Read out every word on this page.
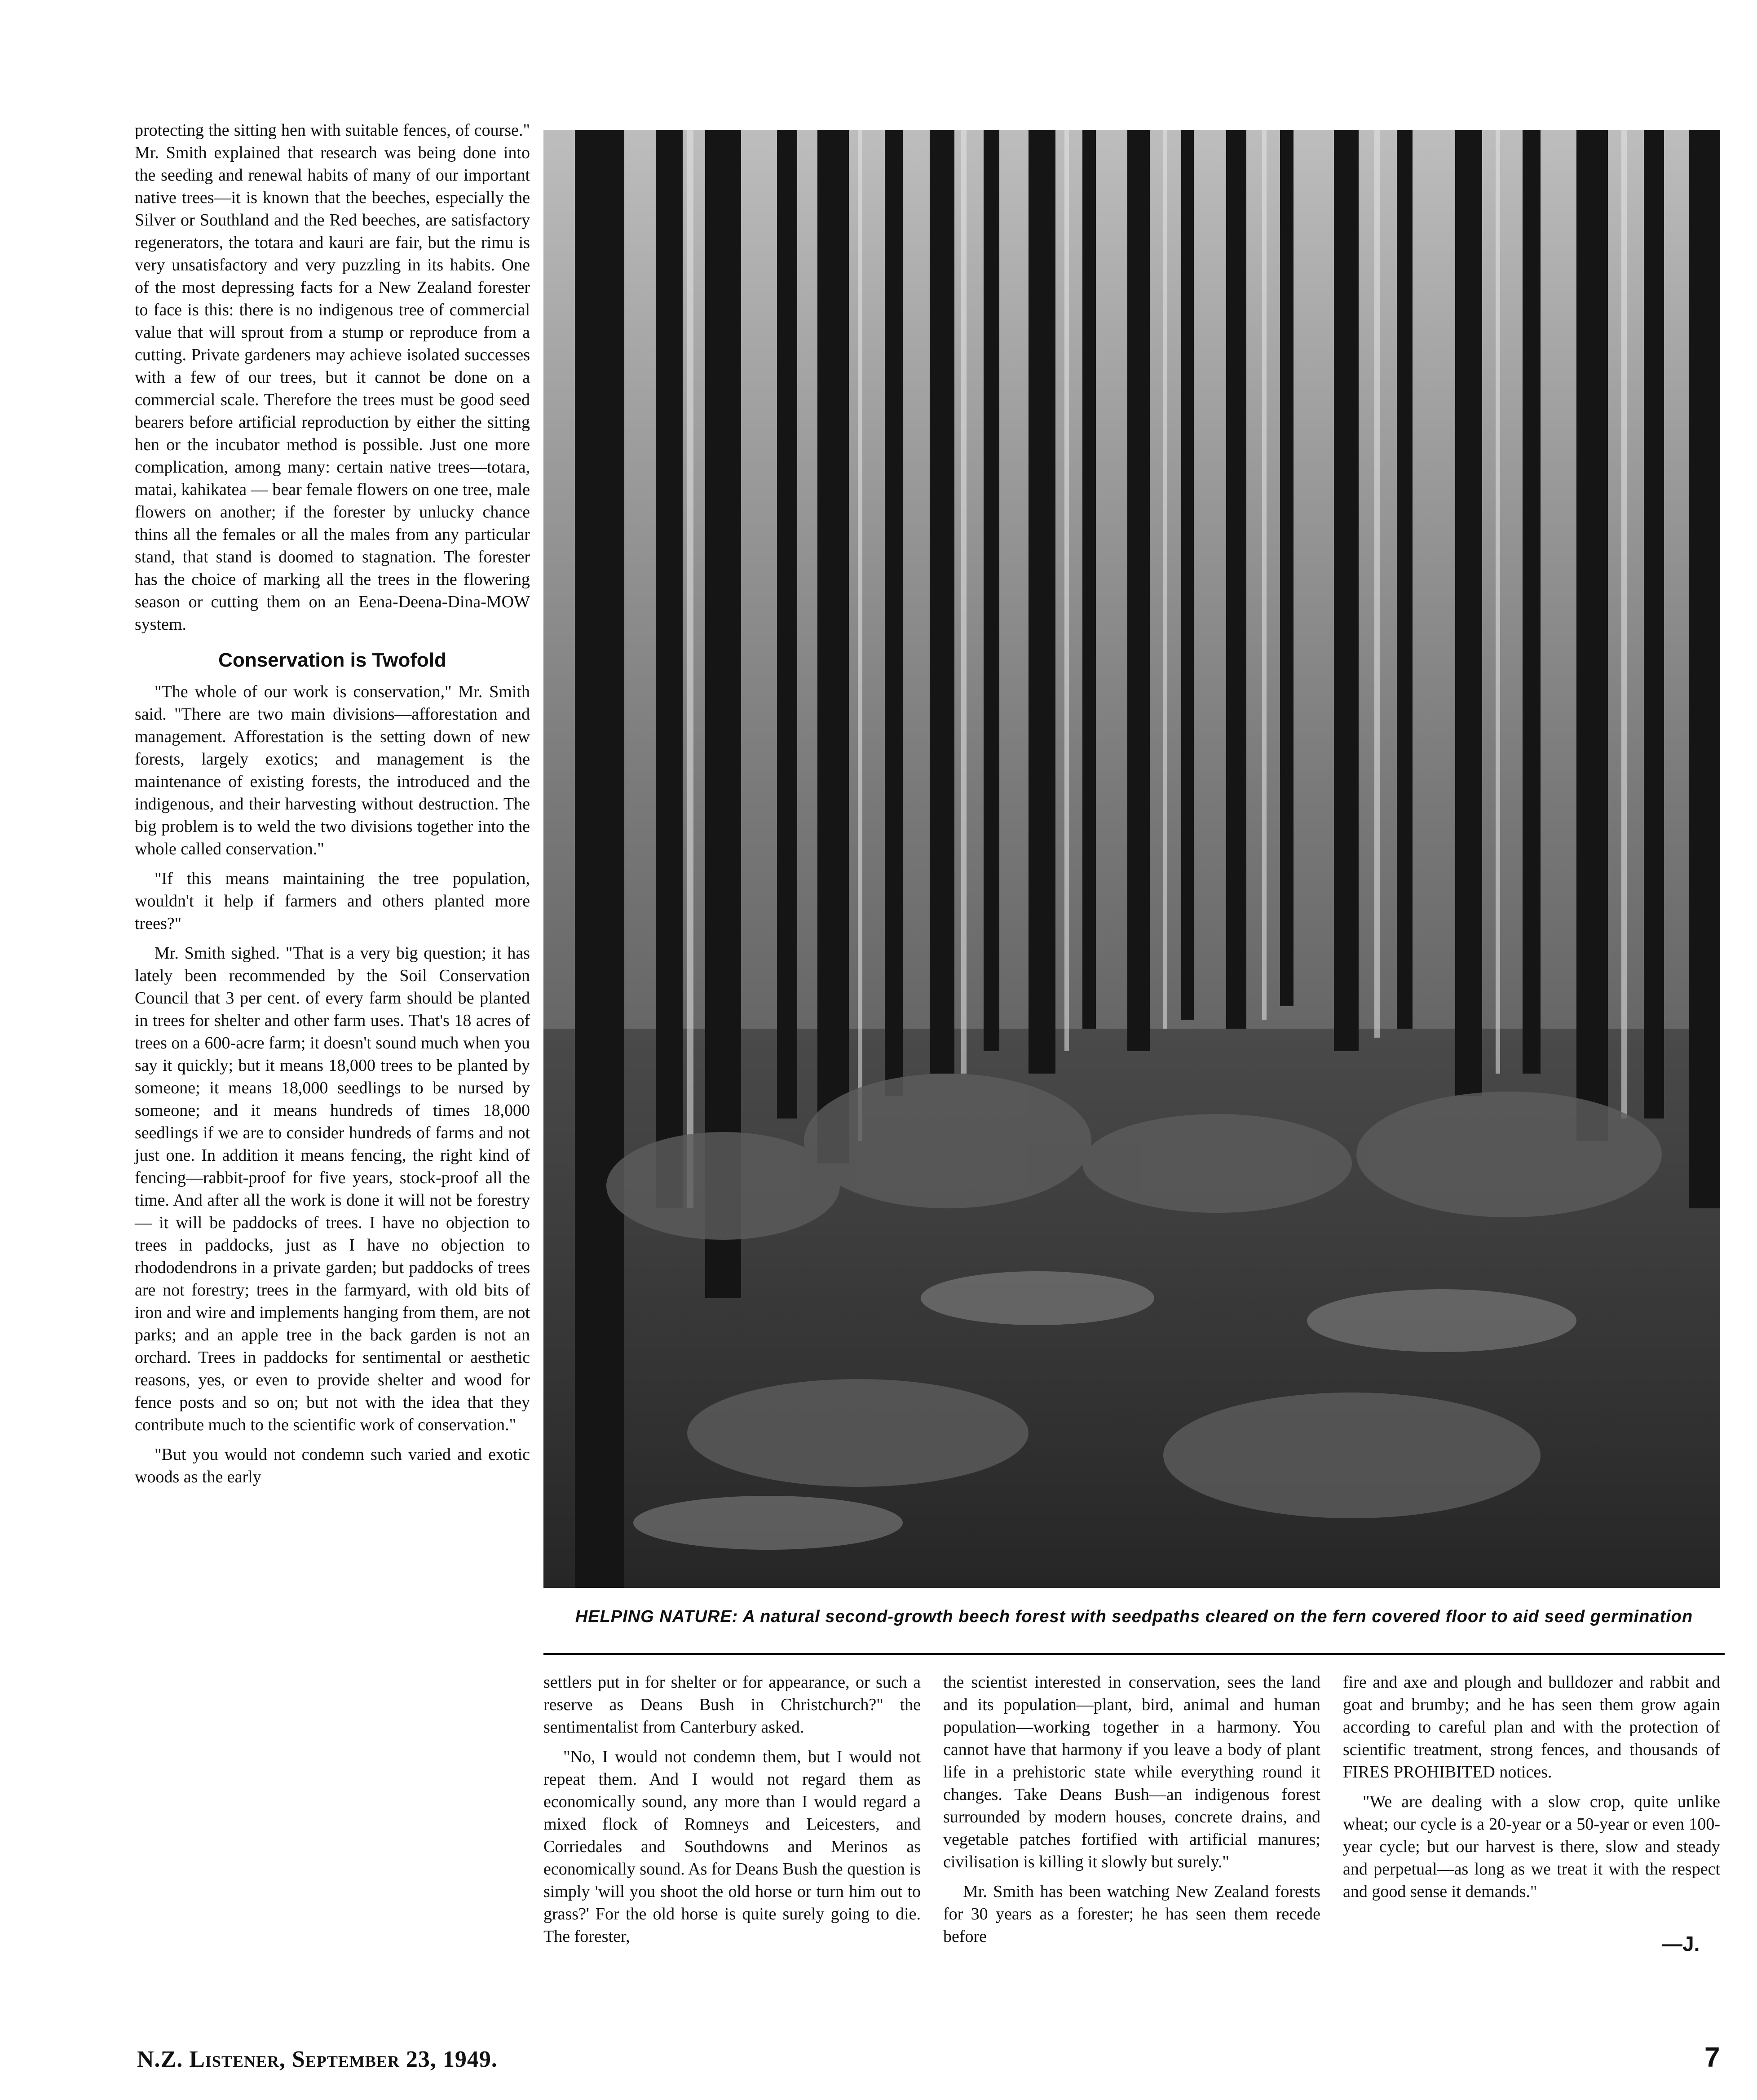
protecting the sitting hen with suitable fences, of course." Mr. Smith explained that research was being done into the seeding and renewal habits of many of our important native trees—it is known that the beeches, especially the Silver or Southland and the Red beeches, are satisfactory regenerators, the totara and kauri are fair, but the rimu is very unsatisfactory and very puzzling in its habits. One of the most depressing facts for a New Zealand forester to face is this: there is no indigenous tree of commercial value that will sprout from a stump or reproduce from a cutting. Private gardeners may achieve isolated successes with a few of our trees, but it cannot be done on a commercial scale. Therefore the trees must be good seed bearers before artificial reproduction by either the sitting hen or the incubator method is possible. Just one more complication, among many: certain native trees—totara, matai, kahikatea — bear female flowers on one tree, male flowers on another; if the forester by unlucky chance thins all the females or all the males from any particular stand, that stand is doomed to stagnation. The forester has the choice of marking all the trees in the flowering season or cutting them on an Eena-Deena-Dina-MOW system.

Conservation is Twofold

"The whole of our work is conservation," Mr. Smith said. "There are two main divisions—afforestation and management. Afforestation is the setting down of new forests, largely exotics; and management is the maintenance of existing forests, the introduced and the indigenous, and their harvesting without destruction. The big problem is to weld the two divisions together into the whole called conservation."

"If this means maintaining the tree population, wouldn't it help if farmers and others planted more trees?"

Mr. Smith sighed. "That is a very big question; it has lately been recommended by the Soil Conservation Council that 3 per cent. of every farm should be planted in trees for shelter and other farm uses. That's 18 acres of trees on a 600-acre farm; it doesn't sound much when you say it quickly; but it means 18,000 trees to be planted by someone; it means 18,000 seedlings to be nursed by someone; and it means hundreds of times 18,000 seedlings if we are to consider hundreds of farms and not just one. In addition it means fencing, the right kind of fencing—rabbit-proof for five years, stock-proof all the time. And after all the work is done it will not be forestry — it will be paddocks of trees. I have no objection to trees in paddocks, just as I have no objection to rhododendrons in a private garden; but paddocks of trees are not forestry; trees in the farmyard, with old bits of iron and wire and implements hanging from them, are not parks; and an apple tree in the back garden is not an orchard. Trees in paddocks for sentimental or aesthetic reasons, yes, or even to provide shelter and wood for fence posts and so on; but not with the idea that they contribute much to the scientific work of conservation."

"But you would not condemn such varied and exotic woods as the early

HELPING NATURE: A natural second-growth beech forest with seedpaths cleared on the fern covered floor to aid seed germination

settlers put in for shelter or for appearance, or such a reserve as Deans Bush in Christchurch?" the sentimentalist from Canterbury asked.

"No, I would not condemn them, but I would not repeat them. And I would not regard them as economically sound, any more than I would regard a mixed flock of Romneys and Leicesters, and Corriedales and Southdowns and Merinos as economically sound. As for Deans Bush the question is simply 'will you shoot the old horse or turn him out to grass?' For the old horse is quite surely going to die. The forester,

the scientist interested in conservation, sees the land and its population—plant, bird, animal and human population—working together in a harmony. You cannot have that harmony if you leave a body of plant life in a prehistoric state while everything round it changes. Take Deans Bush—an indigenous forest surrounded by modern houses, concrete drains, and vegetable patches fortified with artificial manures; civilisation is killing it slowly but surely."

Mr. Smith has been watching New Zealand forests for 30 years as a forester; he has seen them recede before

fire and axe and plough and bulldozer and rabbit and goat and brumby; and he has seen them grow again according to careful plan and with the protection of scientific treatment, strong fences, and thousands of FIRES PROHIBITED notices.

"We are dealing with a slow crop, quite unlike wheat; our cycle is a 20-year or a 50-year or even 100-year cycle; but our harvest is there, slow and steady and perpetual—as long as we treat it with the respect and good sense it demands."

—J.
N.Z. Listener, September 23, 1949.	7
